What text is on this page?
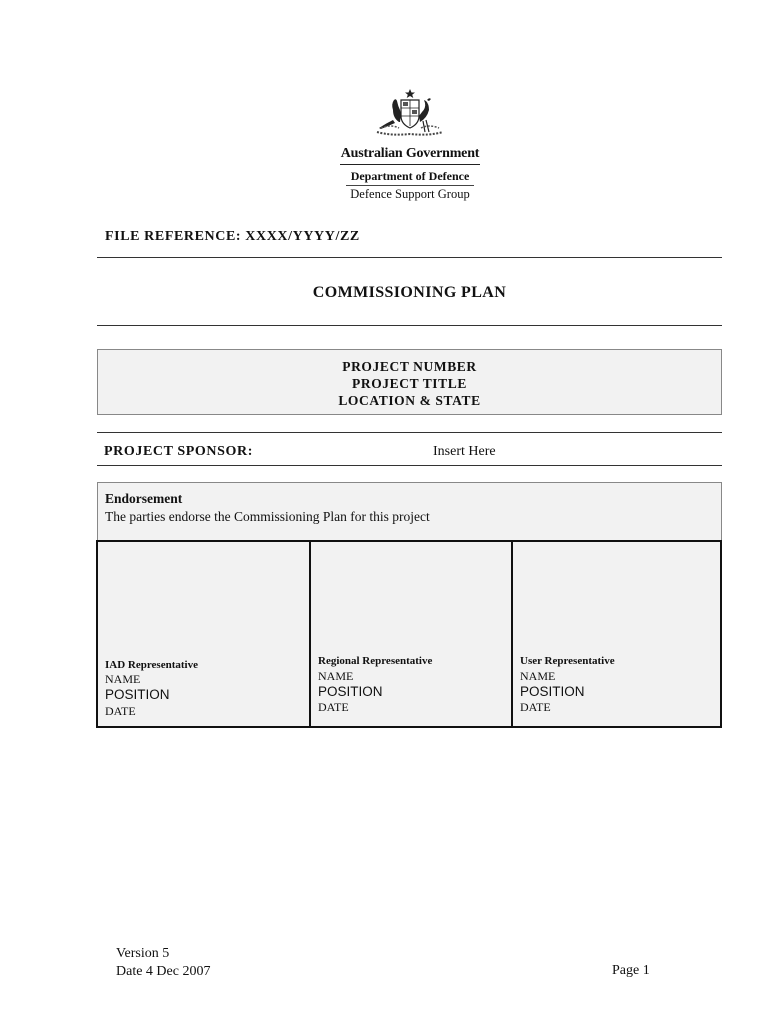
Australian Government
Department of Defence
Defence Support Group
FILE REFERENCE: XXXX/YYYY/ZZ
COMMISSIONING PLAN
PROJECT NUMBER
PROJECT TITLE
LOCATION & STATE
PROJECT SPONSOR:	Insert Here
Endorsement
The parties endorse the Commissioning Plan for this project
IAD Representative
NAME
POSITION
DATE
Regional Representative
NAME
POSITION
DATE
User Representative
NAME
POSITION
DATE
Version 5
Date 4 Dec 2007	Page 1
